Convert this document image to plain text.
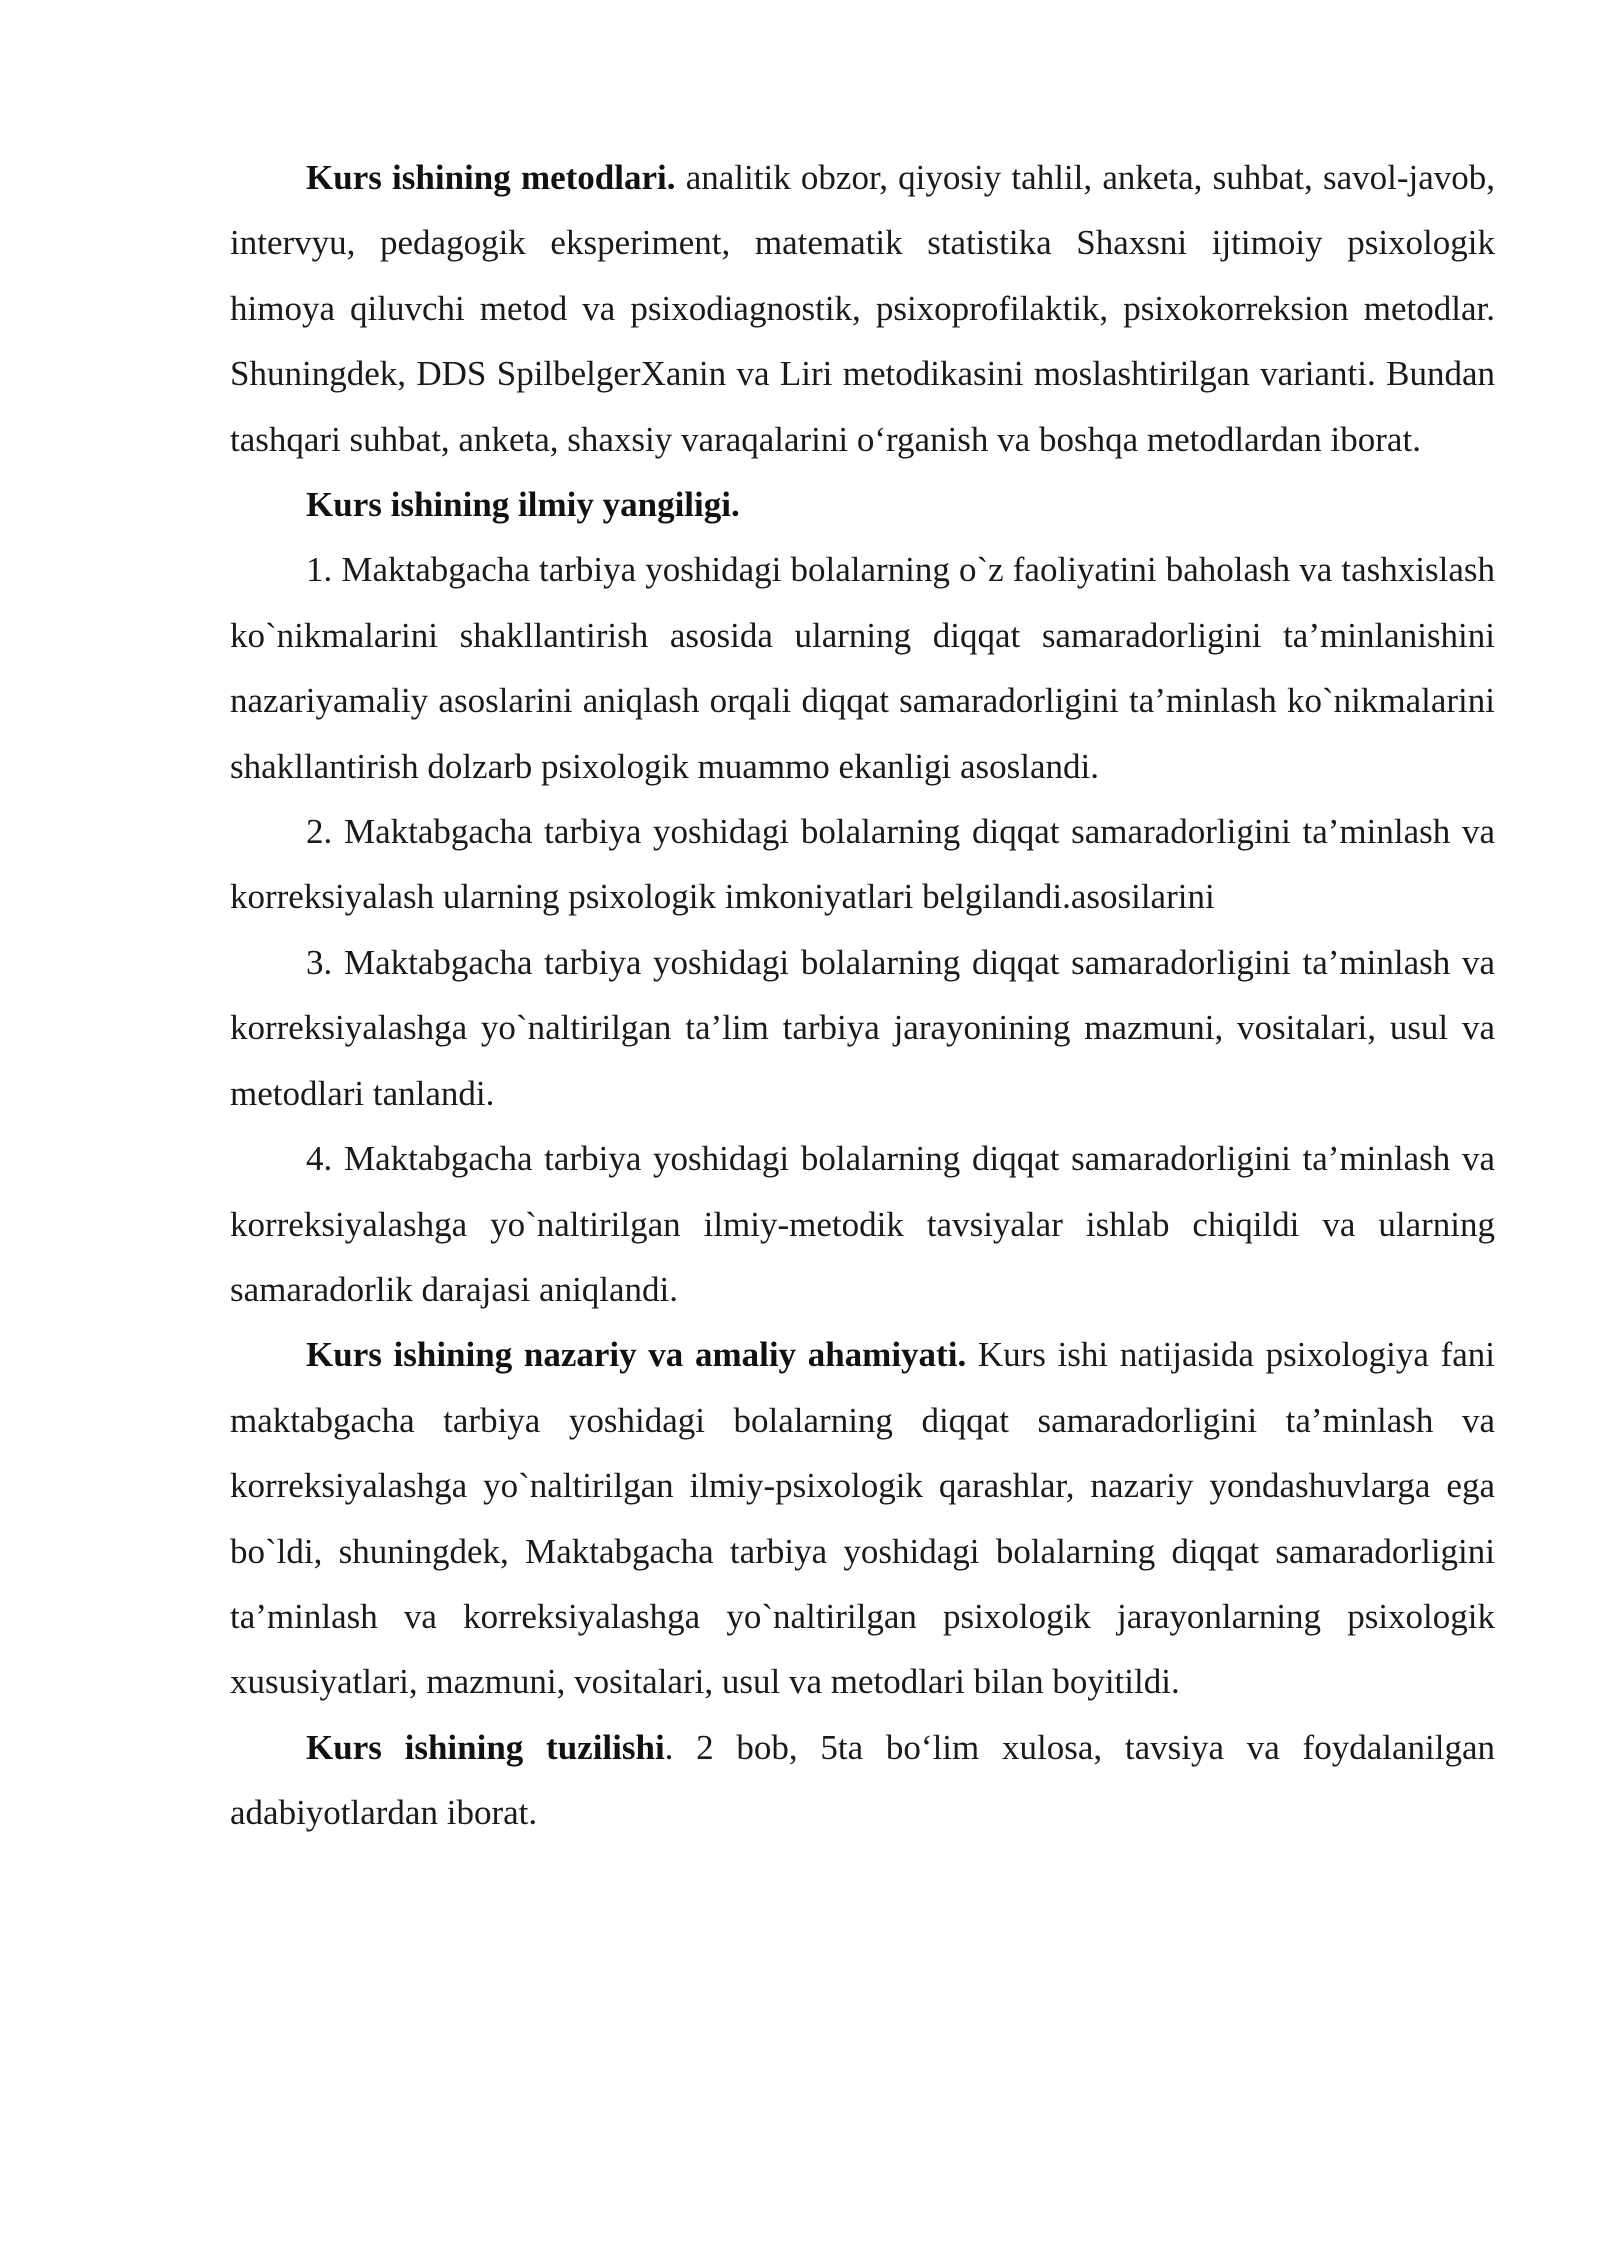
Kurs ishining metodlari. analitik obzor, qiyosiy tahlil, anketa, suhbat, savol-javob, intervyu, pedagogik eksperiment, matematik statistika Shaxsni ijtimoiy psixologik himoya qiluvchi metod va psixodiagnostik, psixoprofilaktik, psixokorreksion metodlar. Shuningdek, DDS SpilbelgerXanin va Liri metodikasini moslashtirilgan varianti. Bundan tashqari suhbat, anketa, shaxsiy varaqalarini o‘rganish va boshqa metodlardan iborat.

Kurs ishining ilmiy yangiligi.

1. Maktabgacha tarbiya yoshidagi bolalarning o`z faoliyatini baholash va tashxislash ko`nikmalarini shakllantirish asosida ularning diqqat samaradorligini ta’minlanishini nazariyamaliy asoslarini aniqlash orqali diqqat samaradorligini ta’minlash ko`nikmalarini shakllantirish dolzarb psixologik muammo ekanligi asoslandi.

2. Maktabgacha tarbiya yoshidagi bolalarning diqqat samaradorligini ta’minlash va korreksiyalash ularning psixologik imkoniyatlari belgilandi.asosilarini

3. Maktabgacha tarbiya yoshidagi bolalarning diqqat samaradorligini ta’minlash va korreksiyalashga yo`naltirilgan ta’lim tarbiya jarayonining mazmuni, vositalari, usul va metodlari tanlandi.

4. Maktabgacha tarbiya yoshidagi bolalarning diqqat samaradorligini ta’minlash va korreksiyalashga yo`naltirilgan ilmiy-metodik tavsiyalar ishlab chiqildi va ularning samaradorlik darajasi aniqlandi.

Kurs ishining nazariy va amaliy ahamiyati. Kurs ishi natijasida psixologiya fani maktabgacha tarbiya yoshidagi bolalarning diqqat samaradorligini ta’minlash va korreksiyalashga yo`naltirilgan ilmiy-psixologik qarashlar, nazariy yondashuvlarga ega bo`ldi, shuningdek, Maktabgacha tarbiya yoshidagi bolalarning diqqat samaradorligini ta’minlash va korreksiyalashga yo`naltirilgan psixologik jarayonlarning psixologik xususiyatlari, mazmuni, vositalari, usul va metodlari bilan boyitildi.

Kurs ishining tuzilishi. 2 bob, 5ta bo‘lim xulosa, tavsiya va foydalanilgan adabiyotlardan iborat.
